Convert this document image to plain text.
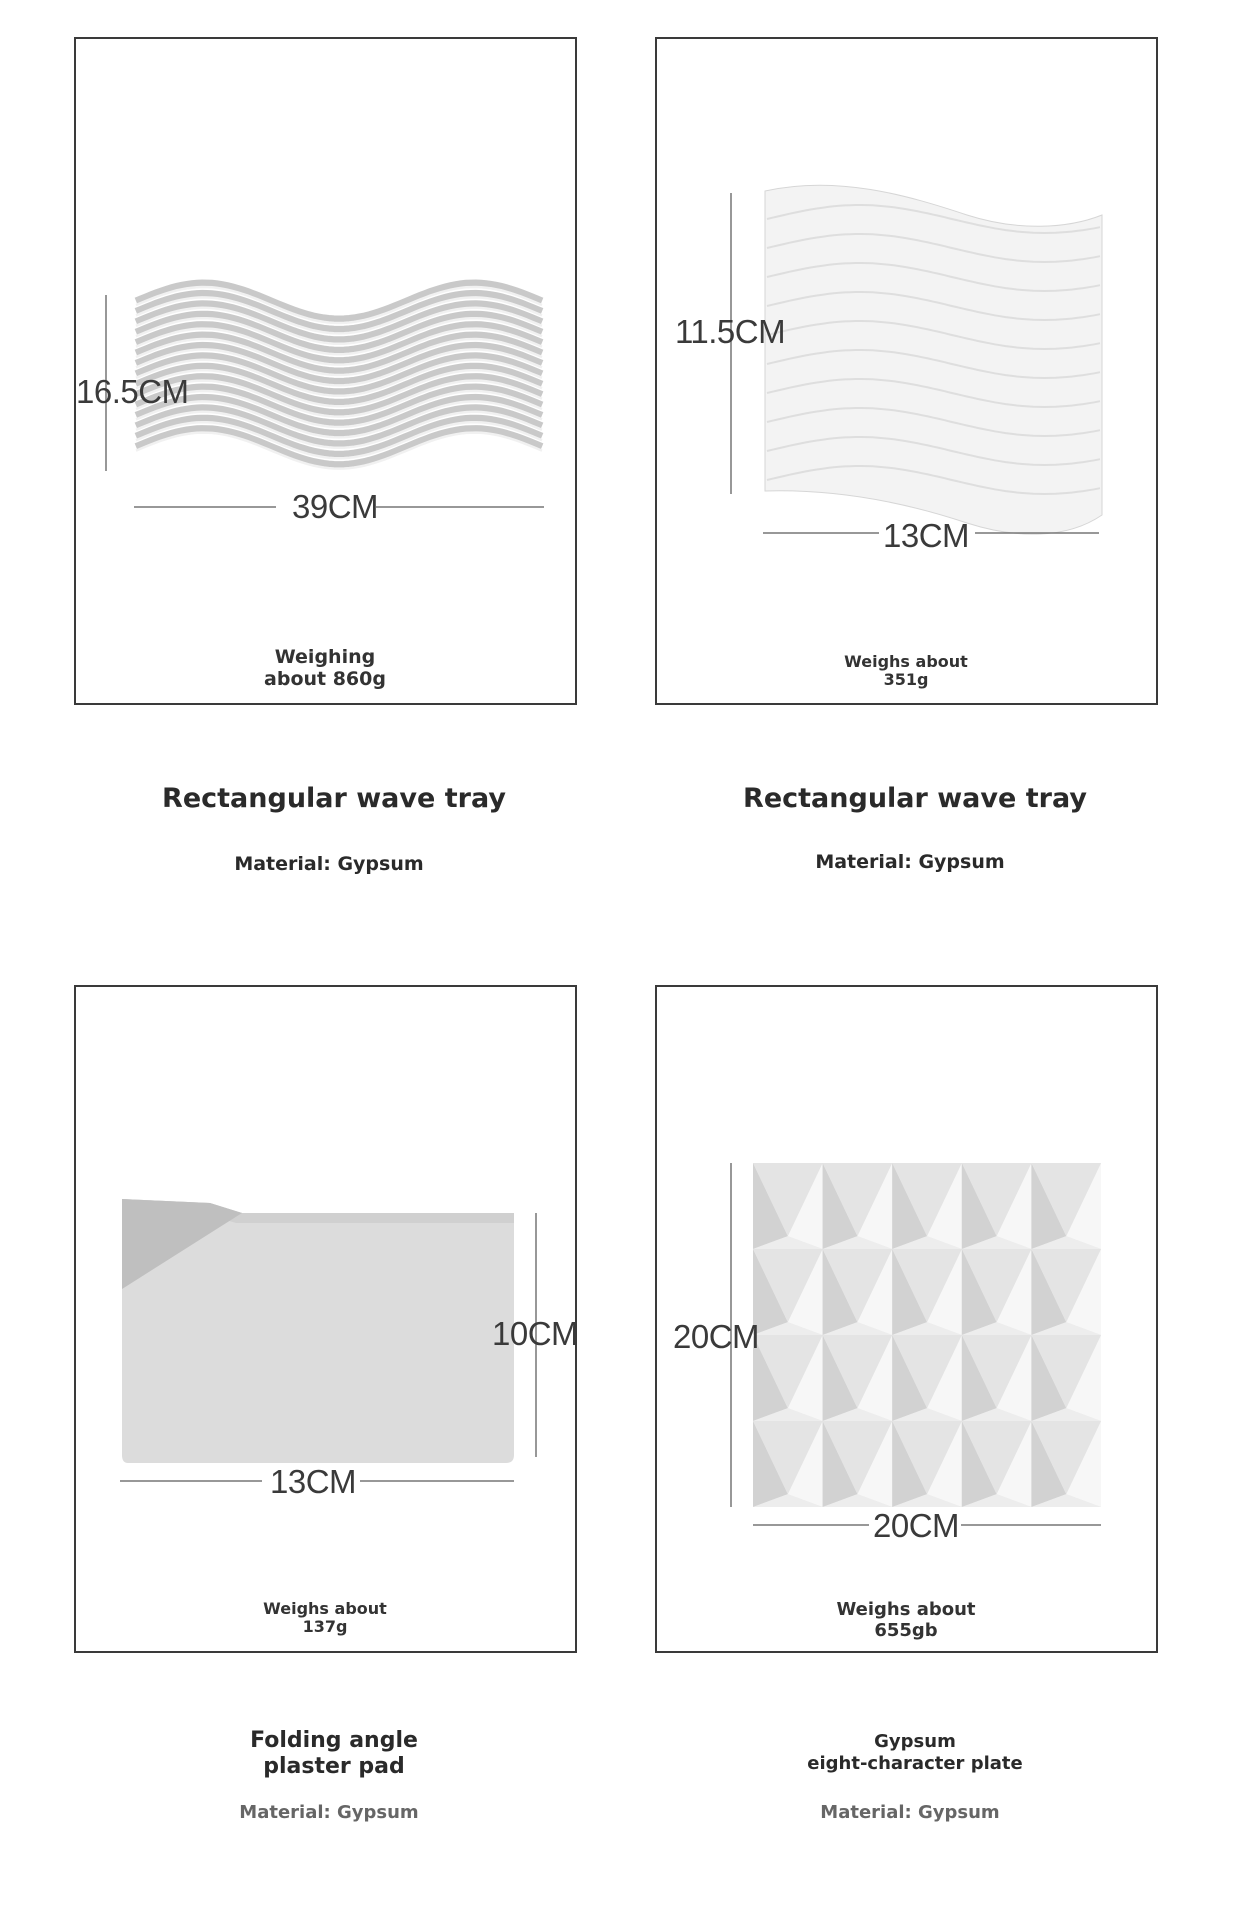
16.5CM
39CM
Weighing
about 860g
11.5CM
13CM
Weighs about
351g
Rectangular wave tray
Material: Gypsum
Rectangular wave tray
Material: Gypsum
10CM
13CM
Weighs about
137g
20CM
20CM
Weighs about
655gb
Folding angle
plaster pad
Material: Gypsum
Gypsum
eight-character plate
Material: Gypsum
